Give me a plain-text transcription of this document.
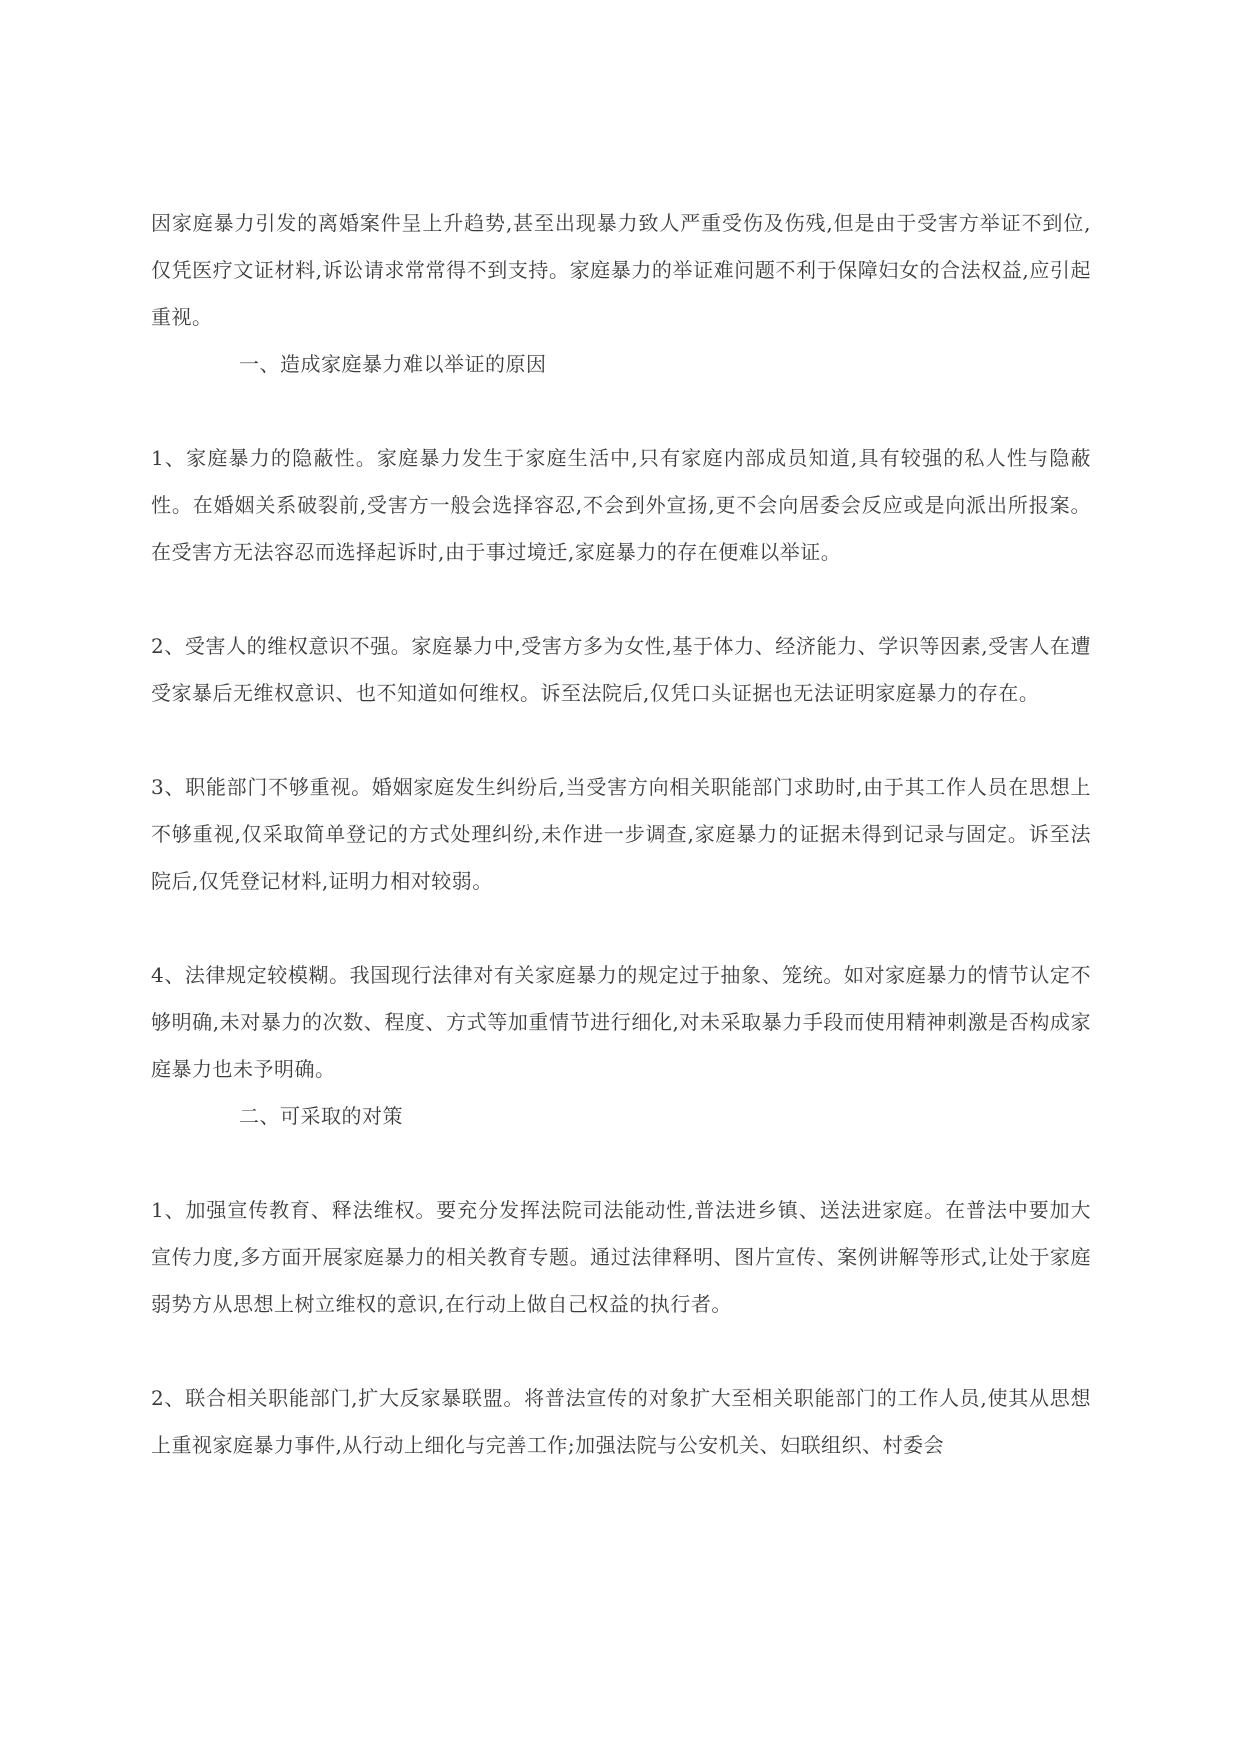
因家庭暴力引发的离婚案件呈上升趋势,甚至出现暴力致人严重受伤及伤残,但是由于受害方举证不到位,仅凭医疗文证材料,诉讼请求常常得不到支持。家庭暴力的举证难问题不利于保障妇女的合法权益,应引起重视。

一、造成家庭暴力难以举证的原因

1、家庭暴力的隐蔽性。家庭暴力发生于家庭生活中,只有家庭内部成员知道,具有较强的私人性与隐蔽性。在婚姻关系破裂前,受害方一般会选择容忍,不会到外宣扬,更不会向居委会反应或是向派出所报案。在受害方无法容忍而选择起诉时,由于事过境迁,家庭暴力的存在便难以举证。

2、受害人的维权意识不强。家庭暴力中,受害方多为女性,基于体力、经济能力、学识等因素,受害人在遭受家暴后无维权意识、也不知道如何维权。诉至法院后,仅凭口头证据也无法证明家庭暴力的存在。

3、职能部门不够重视。婚姻家庭发生纠纷后,当受害方向相关职能部门求助时,由于其工作人员在思想上不够重视,仅采取简单登记的方式处理纠纷,未作进一步调查,家庭暴力的证据未得到记录与固定。诉至法院后,仅凭登记材料,证明力相对较弱。

4、法律规定较模糊。我国现行法律对有关家庭暴力的规定过于抽象、笼统。如对家庭暴力的情节认定不够明确,未对暴力的次数、程度、方式等加重情节进行细化,对未采取暴力手段而使用精神刺激是否构成家庭暴力也未予明确。

二、可采取的对策

1、加强宣传教育、释法维权。要充分发挥法院司法能动性,普法进乡镇、送法进家庭。在普法中要加大宣传力度,多方面开展家庭暴力的相关教育专题。通过法律释明、图片宣传、案例讲解等形式,让处于家庭弱势方从思想上树立维权的意识,在行动上做自己权益的执行者。

2、联合相关职能部门,扩大反家暴联盟。将普法宣传的对象扩大至相关职能部门的工作人员,使其从思想上重视家庭暴力事件,从行动上细化与完善工作;加强法院与公安机关、妇联组织、村委会
